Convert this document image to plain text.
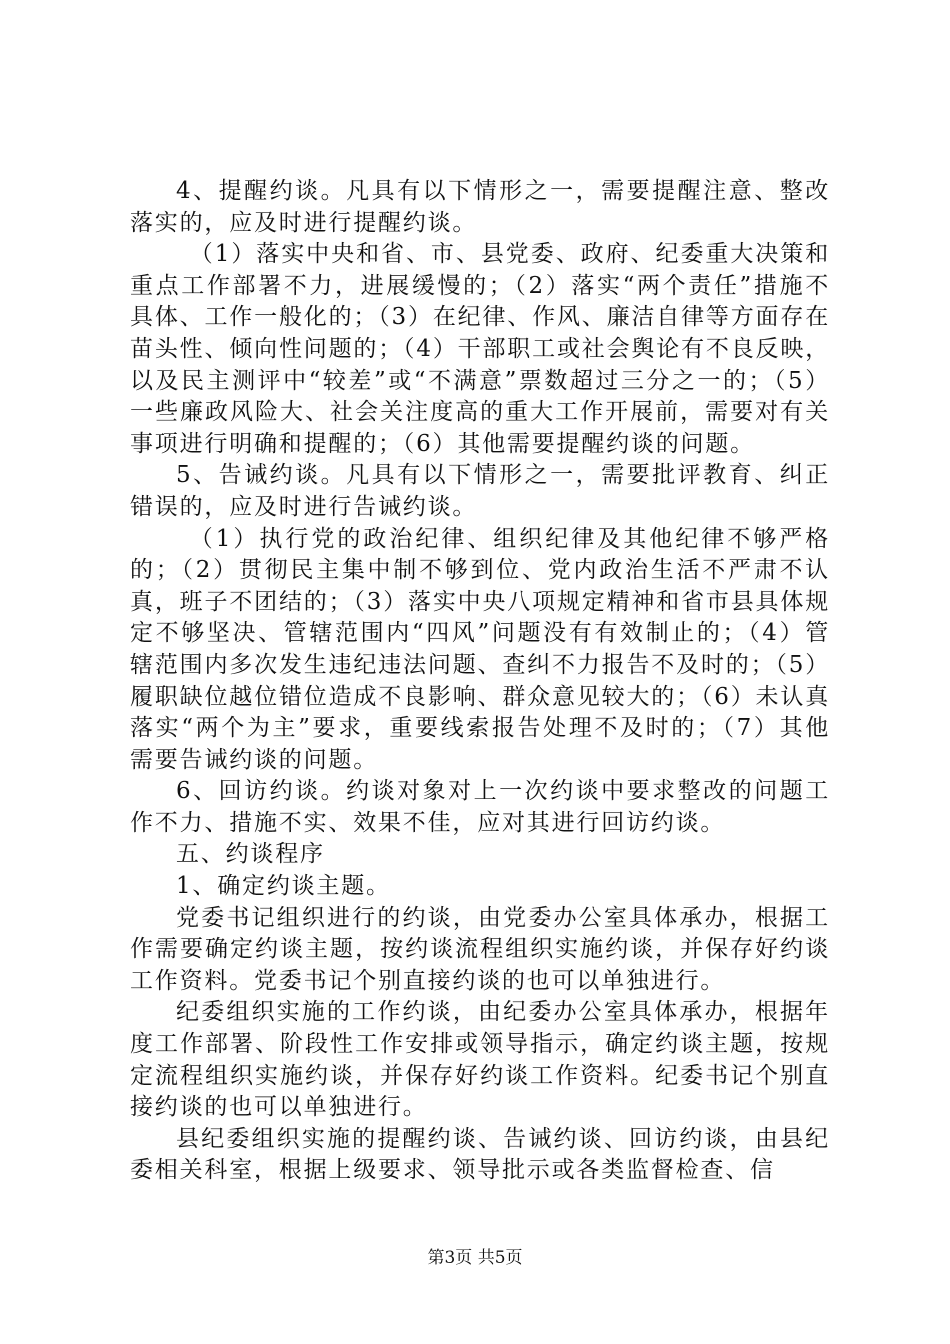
4、提醒约谈。凡具有以下情形之一，需要提醒注意、整改落实的，应及时进行提醒约谈。

（1）落实中央和省、市、县党委、政府、纪委重大决策和重点工作部署不力，进展缓慢的；（2）落实“两个责任”措施不具体、工作一般化的；（3）在纪律、作风、廉洁自律等方面存在苗头性、倾向性问题的；（4）干部职工或社会舆论有不良反映，以及民主测评中“较差”或“不满意”票数超过三分之一的；（5）一些廉政风险大、社会关注度高的重大工作开展前，需要对有关事项进行明确和提醒的；（6）其他需要提醒约谈的问题。

5、告诫约谈。凡具有以下情形之一，需要批评教育、纠正错误的，应及时进行告诫约谈。

（1）执行党的政治纪律、组织纪律及其他纪律不够严格的；（2）贯彻民主集中制不够到位、党内政治生活不严肃不认真，班子不团结的；（3）落实中央八项规定精神和省市县具体规定不够坚决、管辖范围内“四风”问题没有有效制止的；（4）管辖范围内多次发生违纪违法问题、查纠不力报告不及时的；（5）履职缺位越位错位造成不良影响、群众意见较大的；（6）未认真落实“两个为主”要求，重要线索报告处理不及时的；（7）其他需要告诫约谈的问题。

6、回访约谈。约谈对象对上一次约谈中要求整改的问题工作不力、措施不实、效果不佳，应对其进行回访约谈。

五、约谈程序

1、确定约谈主题。

党委书记组织进行的约谈，由党委办公室具体承办，根据工作需要确定约谈主题，按约谈流程组织实施约谈，并保存好约谈工作资料。党委书记个别直接约谈的也可以单独进行。

纪委组织实施的工作约谈，由纪委办公室具体承办，根据年度工作部署、阶段性工作安排或领导指示，确定约谈主题，按规定流程组织实施约谈，并保存好约谈工作资料。纪委书记个别直接约谈的也可以单独进行。

县纪委组织实施的提醒约谈、告诫约谈、回访约谈，由县纪委相关科室，根据上级要求、领导批示或各类监督检查、信

第3页 共5页
